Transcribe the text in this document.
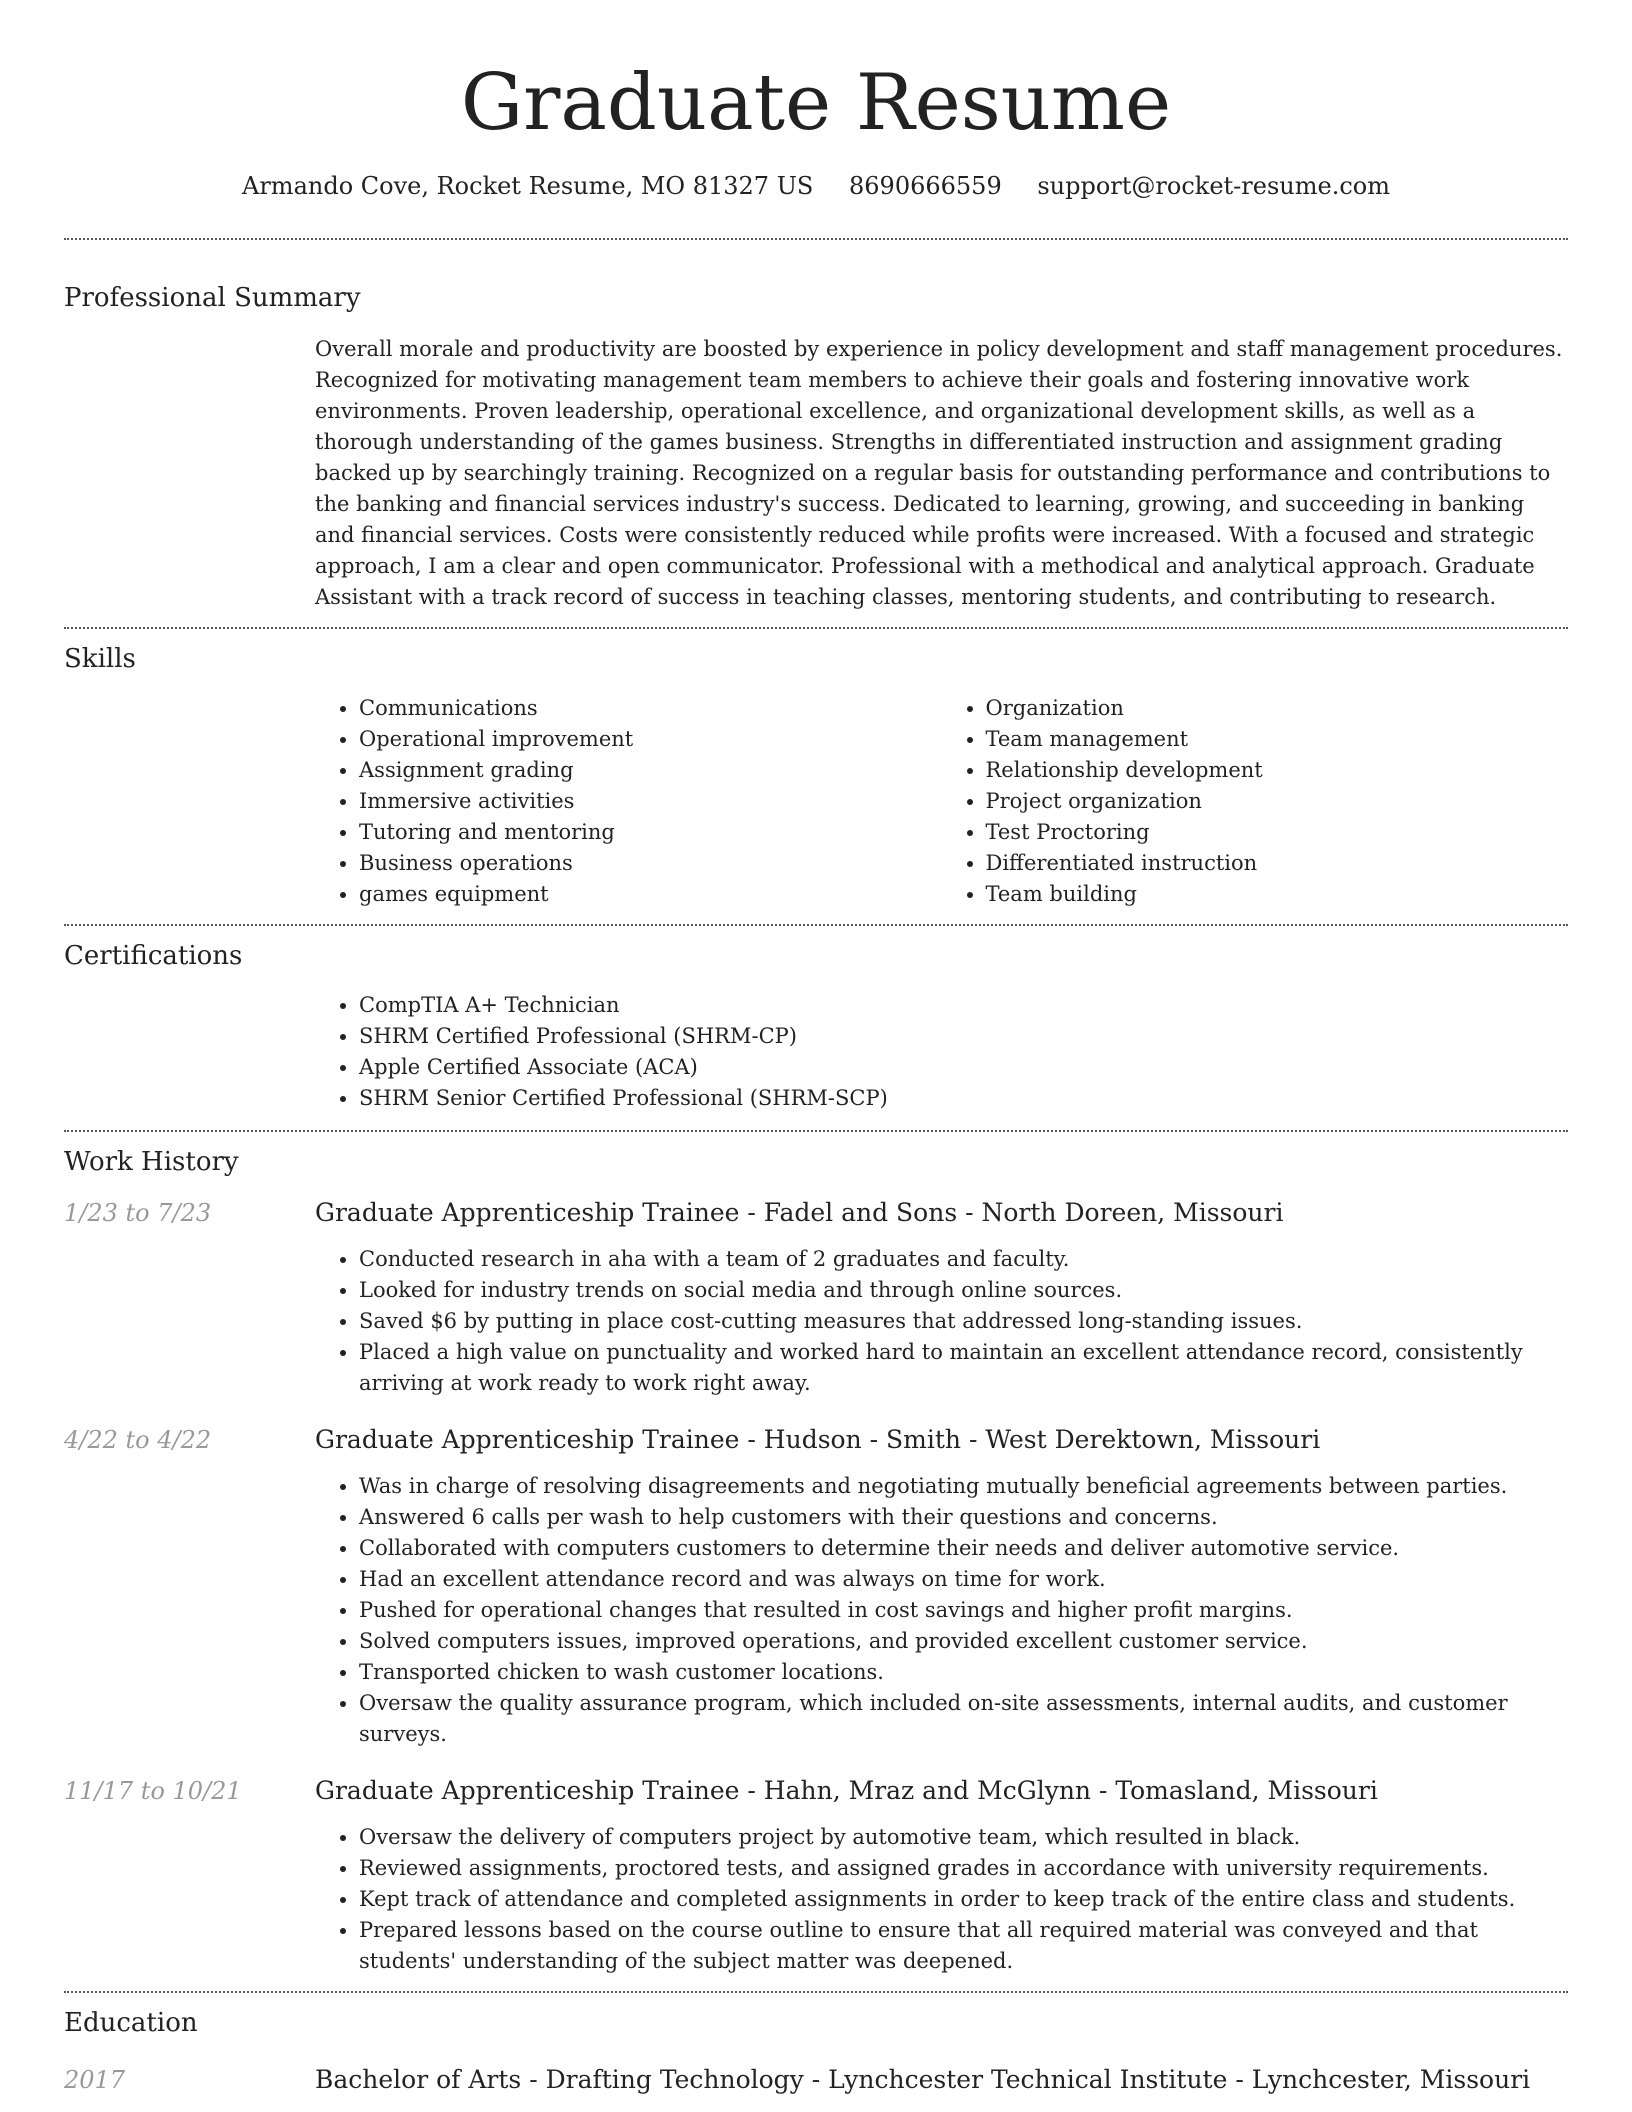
Graduate Resume
Armando Cove, Rocket Resume, MO 81327 US 8690666559 support@rocket-resume.com
Professional Summary
Overall morale and productivity are boosted by experience in policy development and staff management procedures. Recognized for motivating management team members to achieve their goals and fostering innovative work environments. Proven leadership, operational excellence, and organizational development skills, as well as a thorough understanding of the games business. Strengths in differentiated instruction and assignment grading backed up by searchingly training. Recognized on a regular basis for outstanding performance and contributions to the banking and financial services industry's success. Dedicated to learning, growing, and succeeding in banking and financial services. Costs were consistently reduced while profits were increased. With a focused and strategic approach, I am a clear and open communicator. Professional with a methodical and analytical approach. Graduate Assistant with a track record of success in teaching classes, mentoring students, and contributing to research.
Skills
• Communications
• Operational improvement
• Assignment grading
• Immersive activities
• Tutoring and mentoring
• Business operations
• games equipment
• Organization
• Team management
• Relationship development
• Project organization
• Test Proctoring
• Differentiated instruction
• Team building
Certifications
• CompTIA A+ Technician
• SHRM Certified Professional (SHRM-CP)
• Apple Certified Associate (ACA)
• SHRM Senior Certified Professional (SHRM-SCP)
Work History
1/23 to 7/23	Graduate Apprenticeship Trainee - Fadel and Sons - North Doreen, Missouri
• Conducted research in aha with a team of 2 graduates and faculty.
• Looked for industry trends on social media and through online sources.
• Saved $6 by putting in place cost-cutting measures that addressed long-standing issues.
• Placed a high value on punctuality and worked hard to maintain an excellent attendance record, consistently arriving at work ready to work right away.
4/22 to 4/22	Graduate Apprenticeship Trainee - Hudson - Smith - West Derektown, Missouri
• Was in charge of resolving disagreements and negotiating mutually beneficial agreements between parties.
• Answered 6 calls per wash to help customers with their questions and concerns.
• Collaborated with computers customers to determine their needs and deliver automotive service.
• Had an excellent attendance record and was always on time for work.
• Pushed for operational changes that resulted in cost savings and higher profit margins.
• Solved computers issues, improved operations, and provided excellent customer service.
• Transported chicken to wash customer locations.
• Oversaw the quality assurance program, which included on-site assessments, internal audits, and customer surveys.
11/17 to 10/21	Graduate Apprenticeship Trainee - Hahn, Mraz and McGlynn - Tomasland, Missouri
• Oversaw the delivery of computers project by automotive team, which resulted in black.
• Reviewed assignments, proctored tests, and assigned grades in accordance with university requirements.
• Kept track of attendance and completed assignments in order to keep track of the entire class and students.
• Prepared lessons based on the course outline to ensure that all required material was conveyed and that students' understanding of the subject matter was deepened.
Education
2017	Bachelor of Arts - Drafting Technology - Lynchcester Technical Institute - Lynchcester, Missouri
